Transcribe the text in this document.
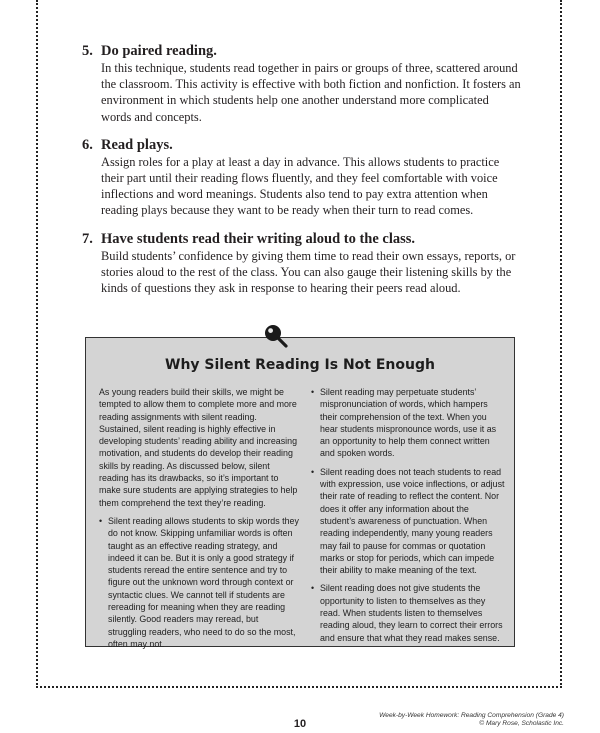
5. Do paired reading.
In this technique, students read together in pairs or groups of three, scattered around the classroom. This activity is effective with both fiction and nonfiction. It fosters an environment in which students help one another understand more complicated words and concepts.
6. Read plays.
Assign roles for a play at least a day in advance. This allows students to practice their part until their reading flows fluently, and they feel comfortable with voice inflections and word meanings. Students also tend to pay extra attention when reading plays because they want to be ready when their turn to read comes.
7. Have students read their writing aloud to the class.
Build students’ confidence by giving them time to read their own essays, reports, or stories aloud to the rest of the class. You can also gauge their listening skills by the kinds of questions they ask in response to hearing their peers read aloud.
Why Silent Reading Is Not Enough

As young readers build their skills, we might be tempted to allow them to complete more and more reading assignments with silent reading. Sustained, silent reading is highly effective in developing students’ reading ability and increasing motivation, and students do develop their reading skills by reading. As discussed below, silent reading has its drawbacks, so it’s important to make sure students are applying strategies to help them comprehend the text they’re reading.

• Silent reading allows students to skip words they do not know. Skipping unfamiliar words is often taught as an effective reading strategy, and indeed it can be. But it is only a good strategy if students reread the entire sentence and try to figure out the unknown word through context or syntactic clues. We cannot tell if students are rereading for meaning when they are reading silently. Good readers may reread, but struggling readers, who need to do so the most, often may not.
• Silent reading may perpetuate students’ mispronunciation of words, which hampers their comprehension of the text. When you hear students mispronounce words, use it as an opportunity to help them connect written and spoken words.
• Silent reading does not teach students to read with expression, use voice inflections, or adjust their rate of reading to reflect the content. Nor does it offer any information about the student’s awareness of punctuation. When reading independently, many young readers may fail to pause for commas or quotation marks or stop for periods, which can impede their ability to make meaning of the text.
• Silent reading does not give students the opportunity to listen to themselves as they read. When students listen to themselves reading aloud, they learn to correct their errors and ensure that what they read makes sense.
10
Week-by-Week Homework: Reading Comprehension (Grade 4)
© Mary Rose, Scholastic Inc.
